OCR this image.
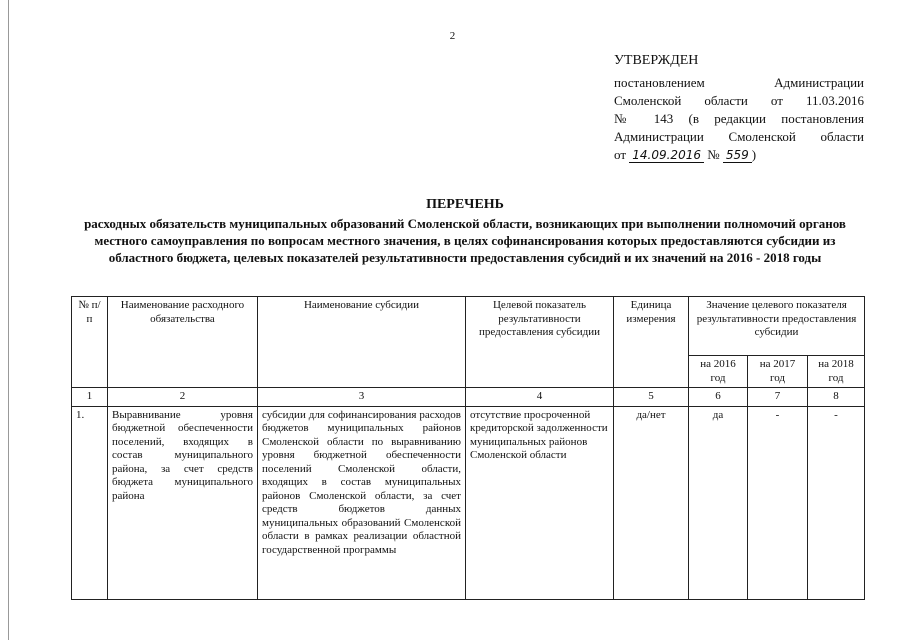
2
УТВЕРЖДЕН
постановлением Администрации
Смоленской области от 11.03.2016
№ 143 (в редакции постановления
Администрации Смоленской области
от 14.09.2016 № 559 )
ПЕРЕЧЕНЬ
расходных обязательств муниципальных образований Смоленской области, возникающих при выполнении полномочий органов местного самоуправления по вопросам местного значения, в целях софинансирования которых предоставляются субсидии из областного бюджета, целевых показателей результативности предоставления субсидий и их значений на 2016 - 2018 годы
№ п/п	Наименование расходного обязательства	Наименование субсидии	Целевой показатель результативности предоставления субсидии	Единица измерения	Значение целевого показателя результативности предоставления субсидии		
					на 2016 год	на 2017 год	на 2018 год
1	2	3	4	5	6	7	8
1.	Выравнивание уровня бюджетной обеспеченности поселений, входящих в состав муниципального района, за счет средств бюджета муниципального района	субсидии для софинансирования расходов бюджетов муниципальных районов Смоленской области по выравниванию уровня бюджетной обеспеченности поселений Смоленской области, входящих в состав муниципальных районов Смоленской области, за счет средств бюджетов данных муниципальных образований Смоленской области в рамках реализации областной государственной программы	отсутствие просроченной кредиторской задолженности муниципальных районов Смоленской области	да/нет	да	-	-
